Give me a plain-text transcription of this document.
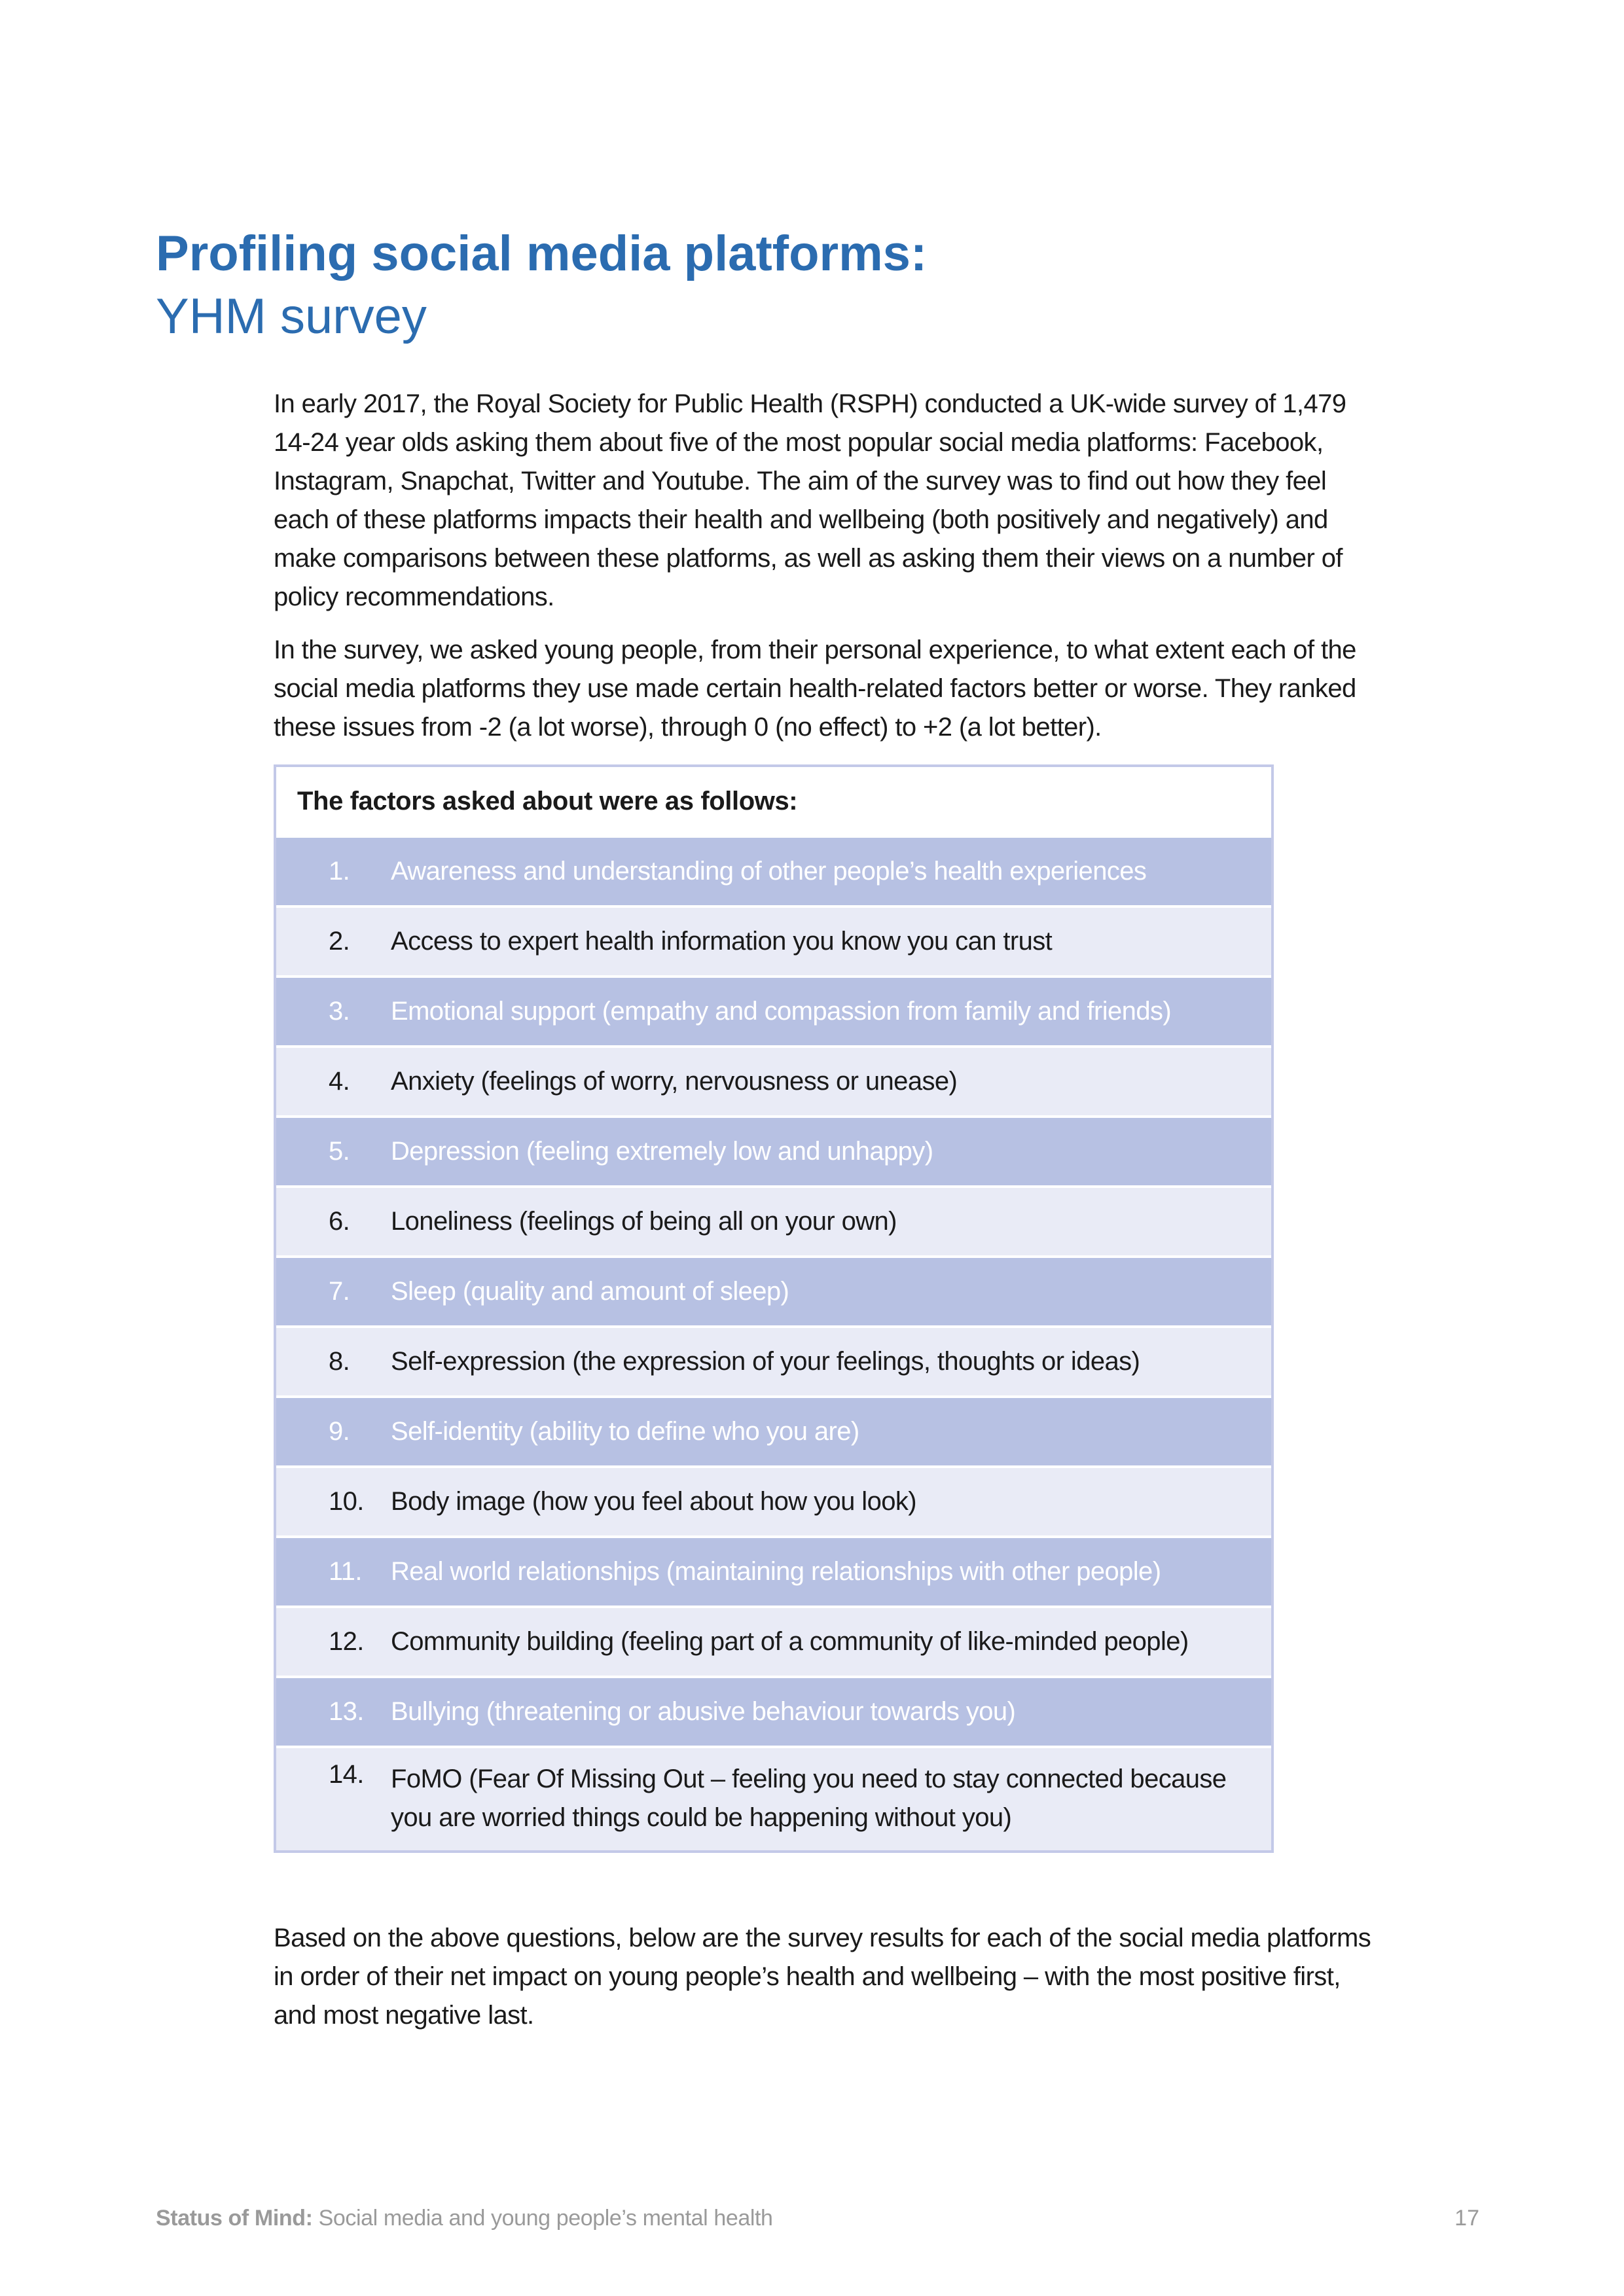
Profiling social media platforms:
YHM survey

In early 2017, the Royal Society for Public Health (RSPH) conducted a UK-wide survey of 1,479 14-24 year olds asking them about five of the most popular social media platforms: Facebook, Instagram, Snapchat, Twitter and Youtube. The aim of the survey was to find out how they feel each of these platforms impacts their health and wellbeing (both positively and negatively) and make comparisons between these platforms, as well as asking them their views on a number of policy recommendations.

In the survey, we asked young people, from their personal experience, to what extent each of the social media platforms they use made certain health-related factors better or worse. They ranked these issues from -2 (a lot worse), through 0 (no effect) to +2 (a lot better).

The factors asked about were as follows:
1.	Awareness and understanding of other people’s health experiences
2.	Access to expert health information you know you can trust
3.	Emotional support (empathy and compassion from family and friends)
4.	Anxiety (feelings of worry, nervousness or unease)
5.	Depression (feeling extremely low and unhappy)
6.	Loneliness (feelings of being all on your own)
7.	Sleep (quality and amount of sleep)
8.	Self-expression (the expression of your feelings, thoughts or ideas)
9.	Self-identity (ability to define who you are)
10.	Body image (how you feel about how you look)
11.	Real world relationships (maintaining relationships with other people)
12.	Community building (feeling part of a community of like-minded people)
13.	Bullying (threatening or abusive behaviour towards you)
14.	FoMO (Fear Of Missing Out – feeling you need to stay connected because you are worried things could be happening without you)

Based on the above questions, below are the survey results for each of the social media platforms in order of their net impact on young people’s health and wellbeing – with the most positive first, and most negative last.

Status of Mind: Social media and young people’s mental health	17
